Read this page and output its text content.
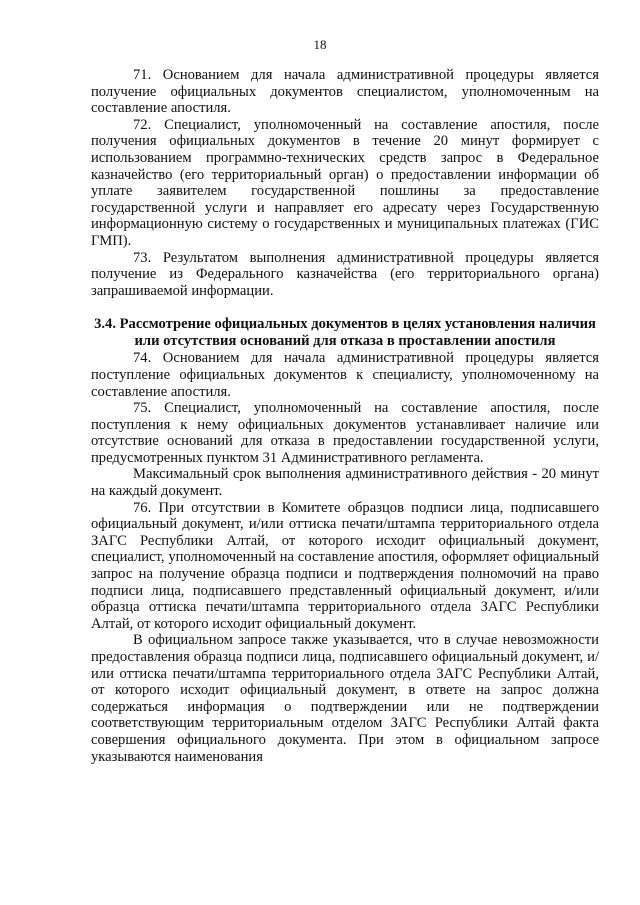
18

71. Основанием для начала административной процедуры является получение официальных документов специалистом, уполномоченным на составление апостиля.

72. Специалист, уполномоченный на составление апостиля, после получения официальных документов в течение 20 минут формирует с использованием программно-технических средств запрос в Федеральное казначейство (его территориальный орган) о предоставлении информации об уплате заявителем государственной пошлины за предоставление государственной услуги и направляет его адресату через Государственную информационную систему о государственных и муниципальных платежах (ГИС ГМП).

73. Результатом выполнения административной процедуры является получение из Федерального казначейства (его территориального органа) запрашиваемой информации.

3.4. Рассмотрение официальных документов в целях установления наличия или отсутствия оснований для отказа в проставлении апостиля

74. Основанием для начала административной процедуры является поступление официальных документов к специалисту, уполномоченному на составление апостиля.

75. Специалист, уполномоченный на составление апостиля, после поступления к нему официальных документов устанавливает наличие или отсутствие оснований для отказа в предоставлении государственной услуги, предусмотренных пунктом 31 Административного регламента.

Максимальный срок выполнения административного действия - 20 минут на каждый документ.

76. При отсутствии в Комитете образцов подписи лица, подписавшего официальный документ, и/или оттиска печати/штампа территориального отдела ЗАГС Республики Алтай, от которого исходит официальный документ, специалист, уполномоченный на составление апостиля, оформляет официальный запрос на получение образца подписи и подтверждения полномочий на право подписи лица, подписавшего представленный официальный документ, и/или образца оттиска печати/штампа территориального отдела ЗАГС Республики Алтай, от которого исходит официальный документ.

В официальном запросе также указывается, что в случае невозможности предоставления образца подписи лица, подписавшего официальный документ, и/или оттиска печати/штампа территориального отдела ЗАГС Республики Алтай, от которого исходит официальный документ, в ответе на запрос должна содержаться информация о подтверждении или не подтверждении соответствующим территориальным отделом ЗАГС Республики Алтай факта совершения официального документа. При этом в официальном запросе указываются наименования
